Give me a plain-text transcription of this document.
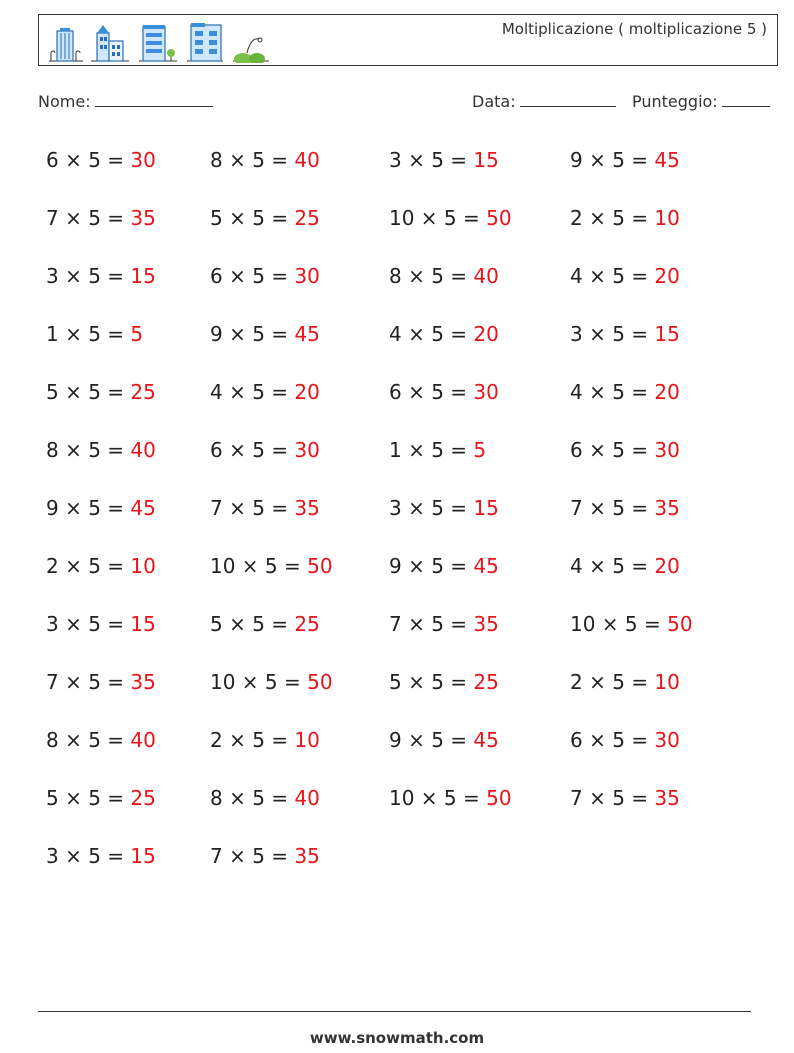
Moltiplicazione ( moltiplicazione 5 )
Nome:	Data:	Punteggio:
6 × 5 = 30
7 × 5 = 35
3 × 5 = 15
1 × 5 = 5
5 × 5 = 25
8 × 5 = 40
9 × 5 = 45
2 × 5 = 10
3 × 5 = 15
7 × 5 = 35
8 × 5 = 40
5 × 5 = 25
3 × 5 = 15
8 × 5 = 40
5 × 5 = 25
6 × 5 = 30
9 × 5 = 45
4 × 5 = 20
6 × 5 = 30
7 × 5 = 35
10 × 5 = 50
5 × 5 = 25
10 × 5 = 50
2 × 5 = 10
8 × 5 = 40
7 × 5 = 35
3 × 5 = 15
10 × 5 = 50
8 × 5 = 40
4 × 5 = 20
6 × 5 = 30
1 × 5 = 5
3 × 5 = 15
9 × 5 = 45
7 × 5 = 35
5 × 5 = 25
9 × 5 = 45
10 × 5 = 50
9 × 5 = 45
2 × 5 = 10
4 × 5 = 20
3 × 5 = 15
4 × 5 = 20
6 × 5 = 30
7 × 5 = 35
4 × 5 = 20
10 × 5 = 50
2 × 5 = 10
6 × 5 = 30
7 × 5 = 35
www.snowmath.com
